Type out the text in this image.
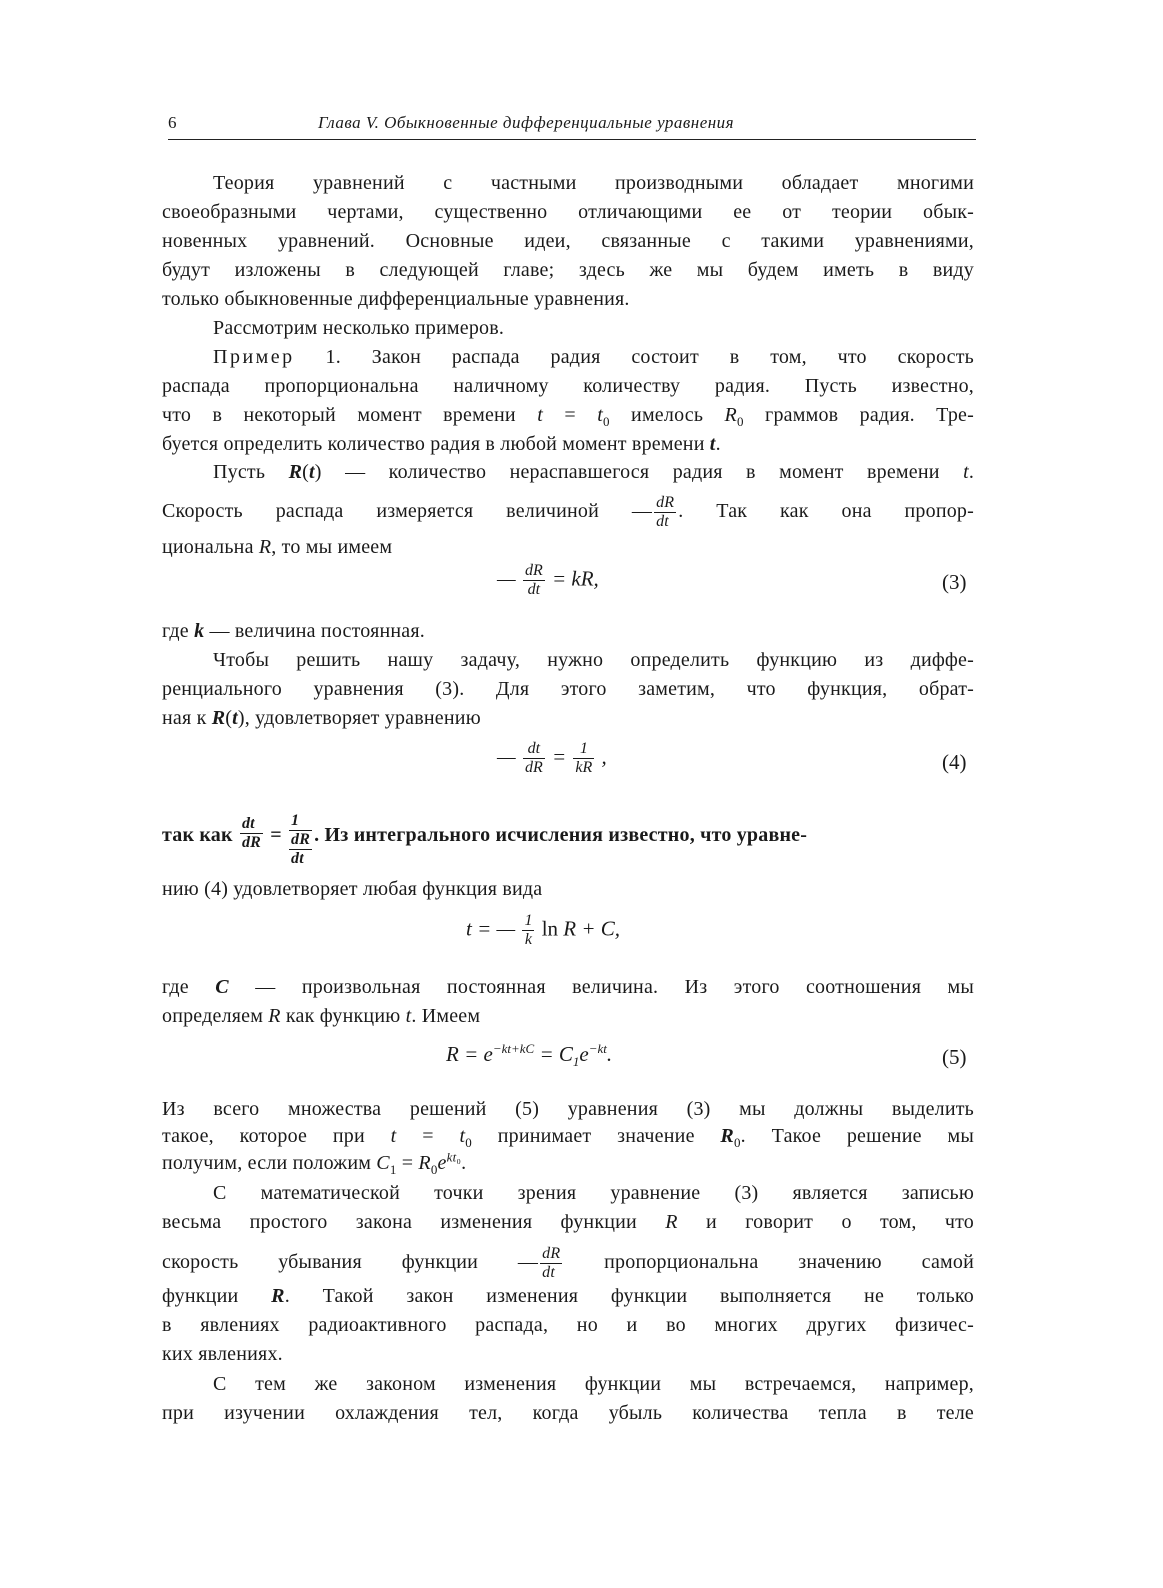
6	Глава V. Обыкновенные дифференциальные уравнения
Теория уравнений с частными производными обладает многими
своеобразными чертами, существенно отличающими ее от теории обык-
новенных уравнений. Основные идеи, связанные с такими уравнениями,
будут изложены в следующей главе; здесь же мы будем иметь в виду
только обыкновенные дифференциальные уравнения.
Рассмотрим несколько примеров.
Пример 1. Закон распада радия состоит в том, что скорость
распада пропорциональна наличному количеству радия. Пусть известно,
что в некоторый момент времени $t = t_0$ имелось $R_0$ граммов радия. Тре-
буется определить количество радия в любой момент времени t.
Пусть R(t) — количество нераспавшегося радия в момент времени t.
Скорость распада измеряется величиной — $\frac{dR}{dt}$ . Так как она пропор-
циональна R, то мы имеем
— $\frac{dR}{dt}$ = kR,	(3)
где k — величина постоянная.
Чтобы решить нашу задачу, нужно определить функцию из диффе-
ренциального уравнения (3). Для этого заметим, что функция, обрат-
ная к R(t), удовлетворяет уравнению
— $\frac{dt}{dR} = \frac{1}{kR}$ ,	(4)
так как $\frac{dt}{dR}$ =
1
dR
dt
. Из интегрального исчисления известно, что уравне-
нию (4) удовлетворяет любая функция вида
t = — $\frac{1}{k}$ ln R + C,
где C — произвольная постоянная величина. Из этого соотношения мы
определяем R как функцию t. Имеем
$R = e^{-kt+kC} = C_1e^{-kt}$.	(5)
Из всего множества решений (5) уравнения (3) мы должны выделить
такое, которое при $t = t_0$ принимает значение $R_0$. Такое решение мы
получим, если положим $C_1 = R_0e^{kt_0}$.
С математической точки зрения уравнение (3) является записью
весьма простого закона изменения функции R и говорит о том, что
скорость убывания функции — $\frac{dR}{dt}$ пропорциональна значению самой
функции R. Такой закон изменения функции выполняется не только
в явлениях радиоактивного распада, но и во многих других физичес-
ких явлениях.
С тем же законом изменения функции мы встречаемся, например,
при изучении охлаждения тел, когда убыль количества тепла в теле
